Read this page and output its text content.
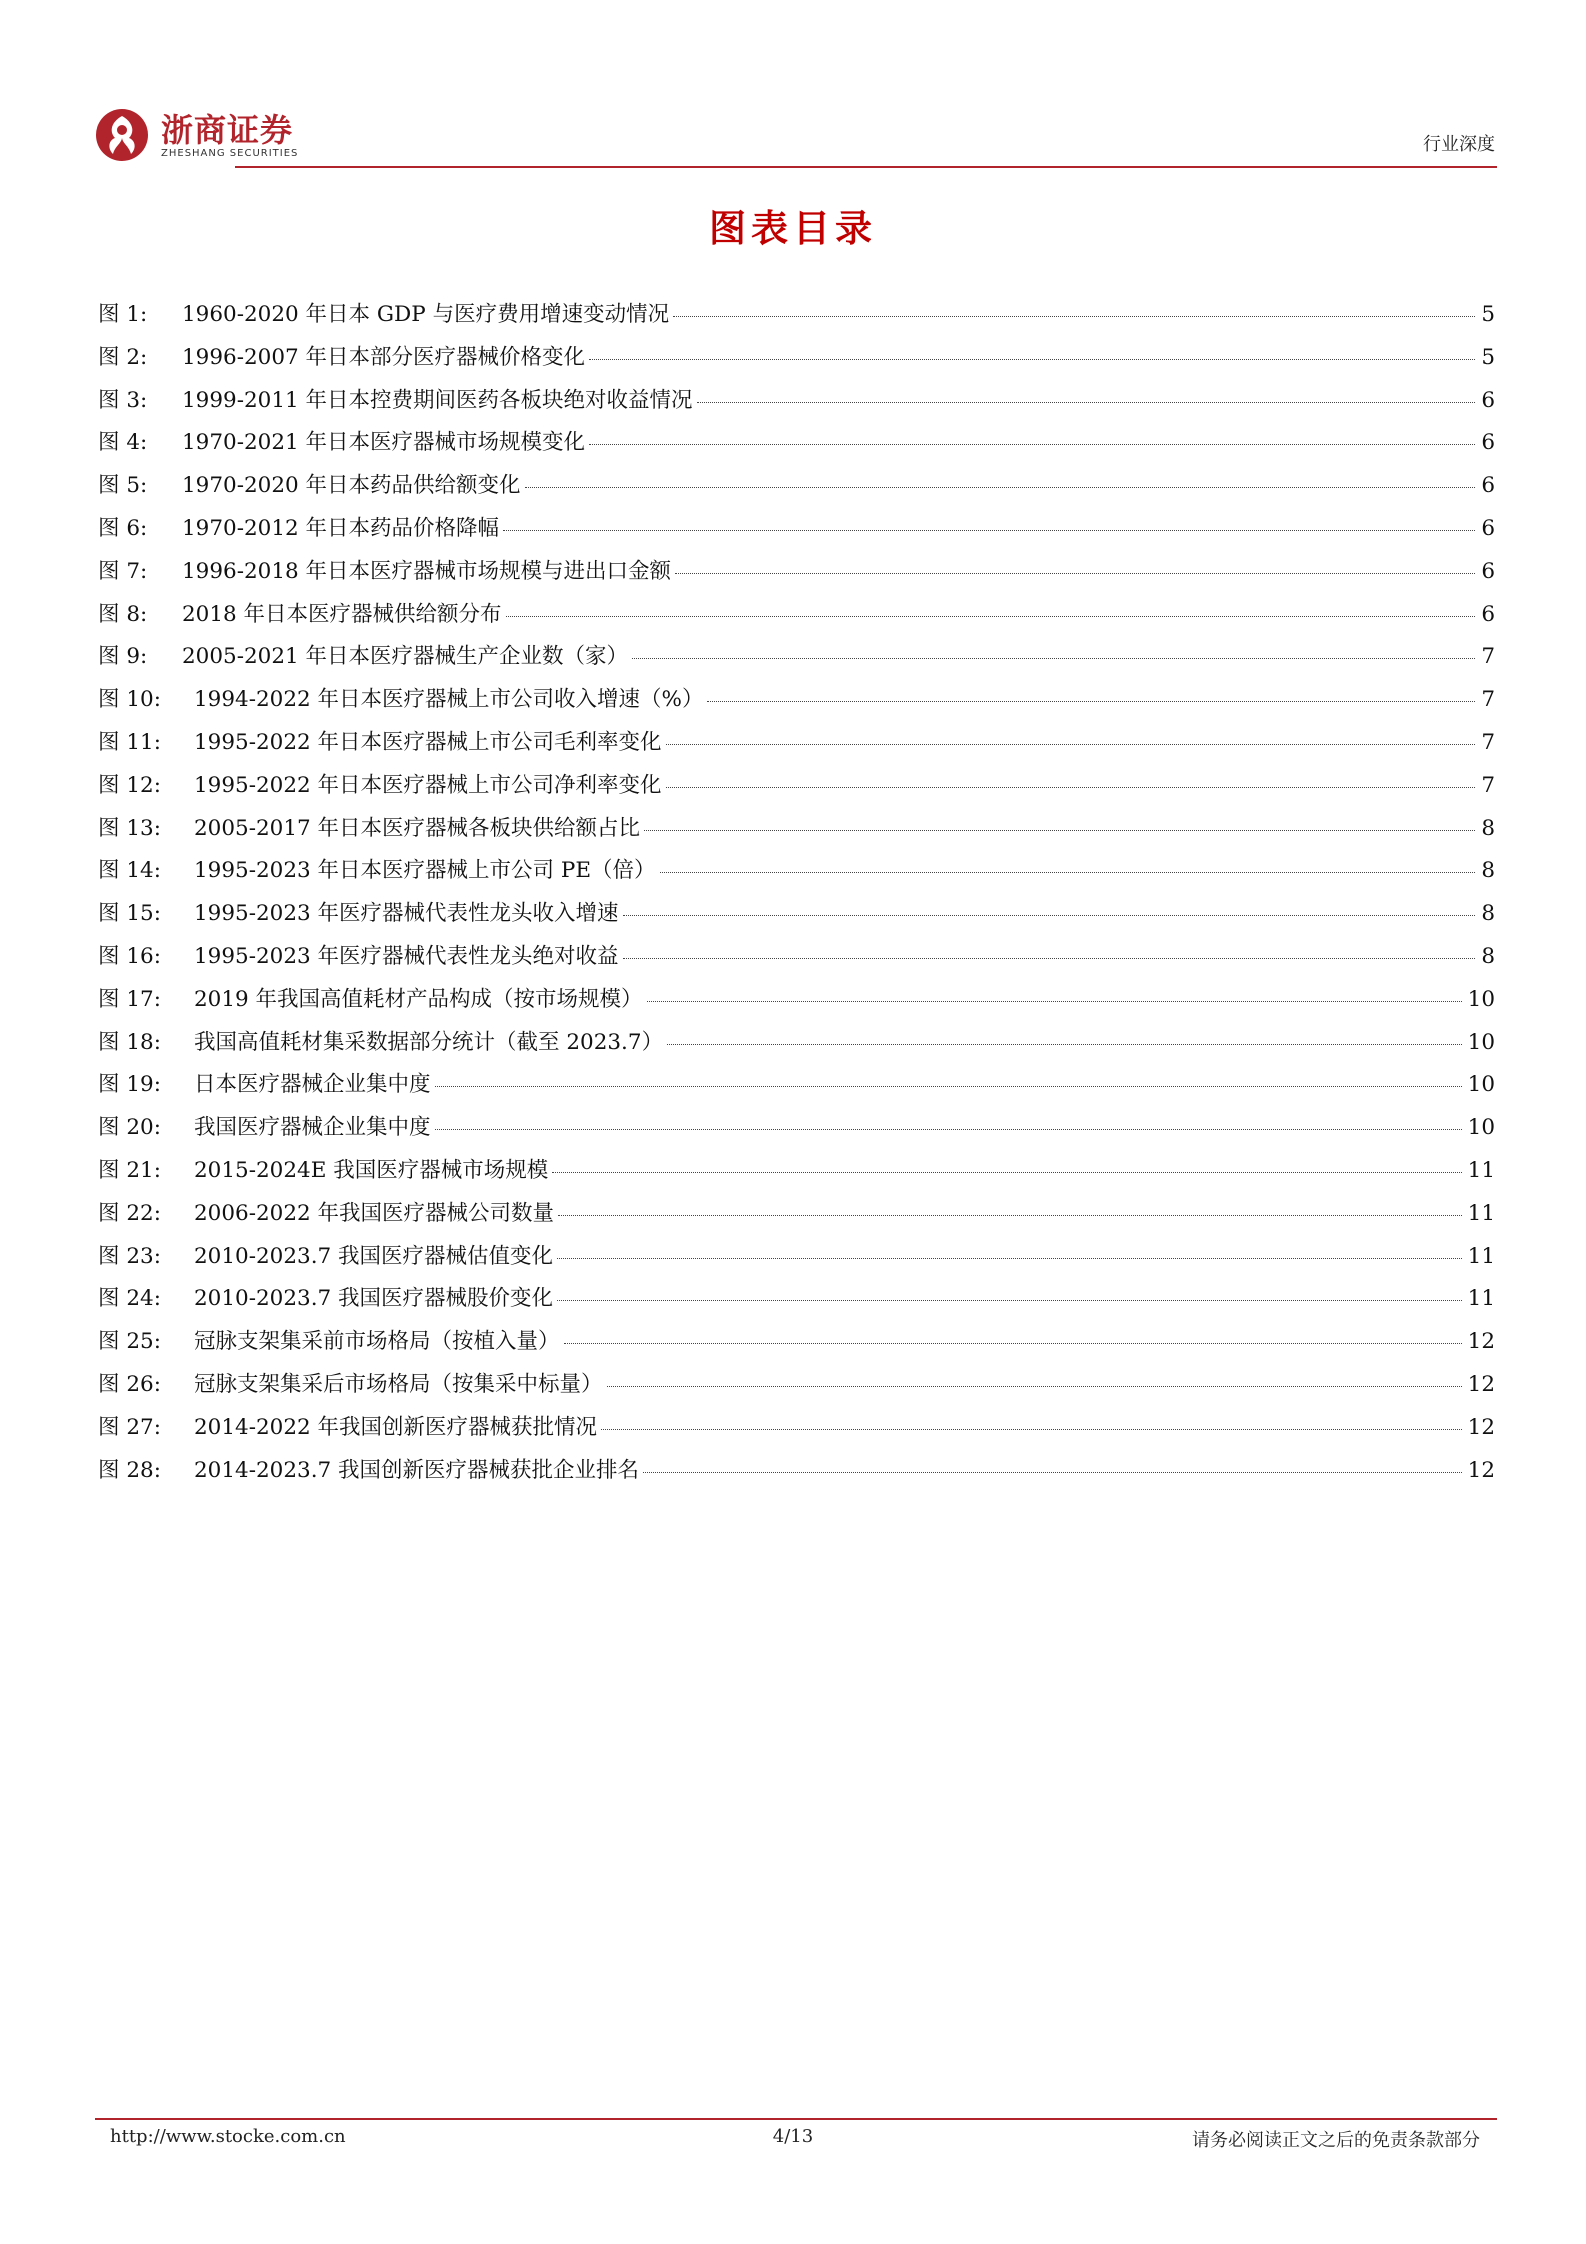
浙商证券
ZHESHANG SECURITIES	行业深度
图表目录
图 1:	1960-2020 年日本 GDP 与医疗费用增速变动情况	5
图 2:	1996-2007 年日本部分医疗器械价格变化	5
图 3:	1999-2011 年日本控费期间医药各板块绝对收益情况	6
图 4:	1970-2021 年日本医疗器械市场规模变化	6
图 5:	1970-2020 年日本药品供给额变化	6
图 6:	1970-2012 年日本药品价格降幅	6
图 7:	1996-2018 年日本医疗器械市场规模与进出口金额	6
图 8:	2018 年日本医疗器械供给额分布	6
图 9:	2005-2021 年日本医疗器械生产企业数（家）	7
图 10:	1994-2022 年日本医疗器械上市公司收入增速（%）	7
图 11:	1995-2022 年日本医疗器械上市公司毛利率变化	7
图 12:	1995-2022 年日本医疗器械上市公司净利率变化	7
图 13:	2005-2017 年日本医疗器械各板块供给额占比	8
图 14:	1995-2023 年日本医疗器械上市公司 PE（倍）	8
图 15:	1995-2023 年医疗器械代表性龙头收入增速	8
图 16:	1995-2023 年医疗器械代表性龙头绝对收益	8
图 17:	2019 年我国高值耗材产品构成（按市场规模）	10
图 18:	我国高值耗材集采数据部分统计（截至 2023.7）	10
图 19:	日本医疗器械企业集中度	10
图 20:	我国医疗器械企业集中度	10
图 21:	2015-2024E 我国医疗器械市场规模	11
图 22:	2006-2022 年我国医疗器械公司数量	11
图 23:	2010-2023.7 我国医疗器械估值变化	11
图 24:	2010-2023.7 我国医疗器械股价变化	11
图 25:	冠脉支架集采前市场格局（按植入量）	12
图 26:	冠脉支架集采后市场格局（按集采中标量）	12
图 27:	2014-2022 年我国创新医疗器械获批情况	12
图 28:	2014-2023.7 我国创新医疗器械获批企业排名	12
http://www.stocke.com.cn	4/13	请务必阅读正文之后的免责条款部分
